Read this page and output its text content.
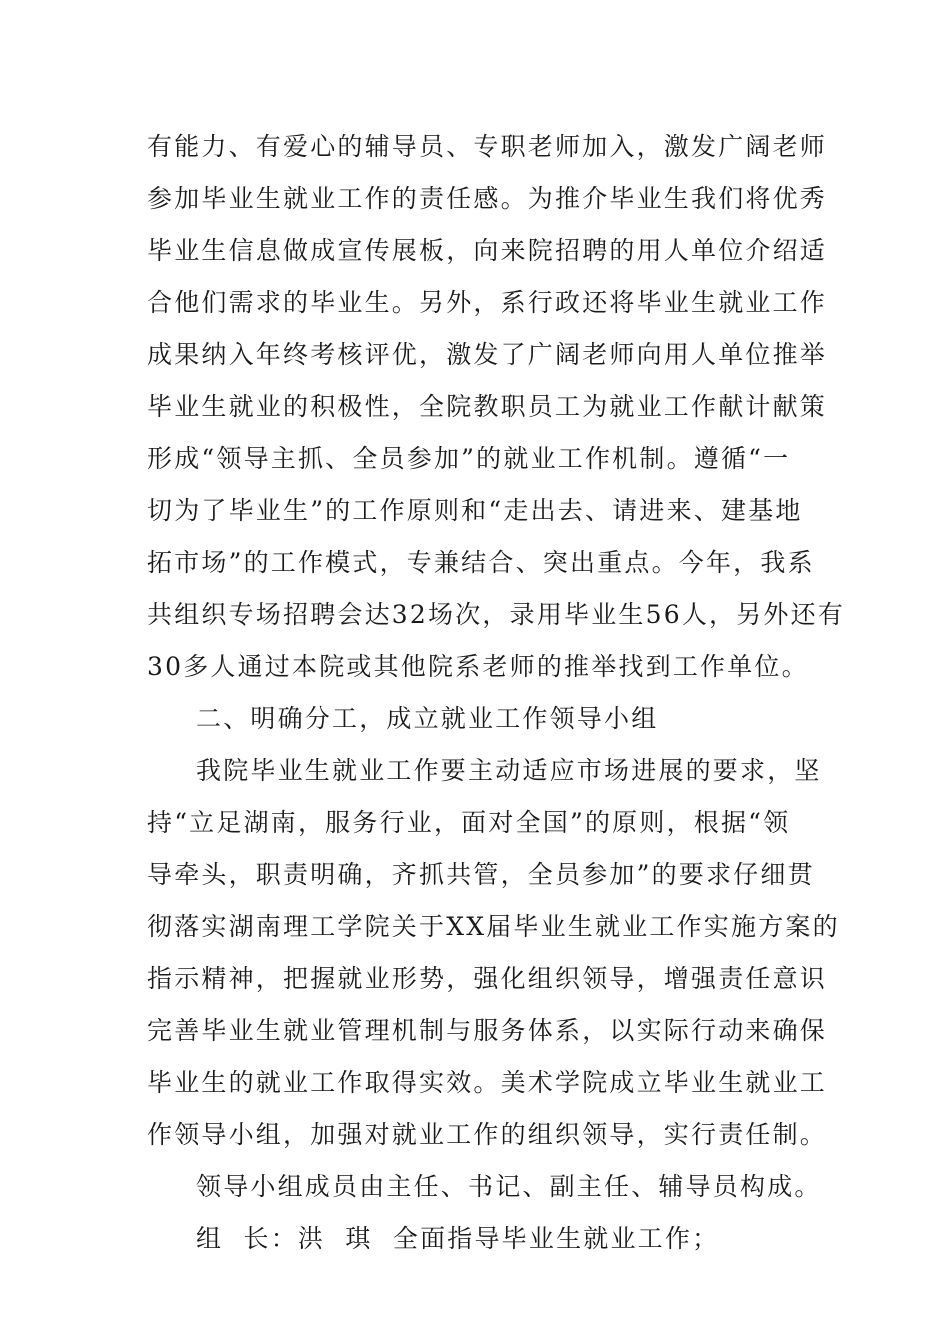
有能力、有爱心的辅导员、专职老师加入，激发广阔老师

参加毕业生就业工作的责任感。为推介毕业生我们将优秀

毕业生信息做成宣传展板，向来院招聘的用人单位介绍适

合他们需求的毕业生。另外，系行政还将毕业生就业工作

成果纳入年终考核评优，激发了广阔老师向用人单位推举

毕业生就业的积极性，全院教职员工为就业工作献计献策

形成“领导主抓、全员参加”的就业工作机制。遵循“一

切为了毕业生”的工作原则和“走出去、请进来、建基地

拓市场”的工作模式，专兼结合、突出重点。今年，我系

共组织专场招聘会达32场次，录用毕业生56人，另外还有

30多人通过本院或其他院系老师的推举找到工作单位。

二、明确分工，成立就业工作领导小组

我院毕业生就业工作要主动适应市场进展的要求，坚

持“立足湖南，服务行业，面对全国”的原则，根据“领

导牵头，职责明确，齐抓共管，全员参加”的要求仔细贯

彻落实湖南理工学院关于XX届毕业生就业工作实施方案的

指示精神，把握就业形势，强化组织领导，增强责任意识

完善毕业生就业管理机制与服务体系，以实际行动来确保

毕业生的就业工作取得实效。美术学院成立毕业生就业工

作领导小组，加强对就业工作的组织领导，实行责任制。

领导小组成员由主任、书记、副主任、辅导员构成。

组  长：洪  琪  全面指导毕业生就业工作；
